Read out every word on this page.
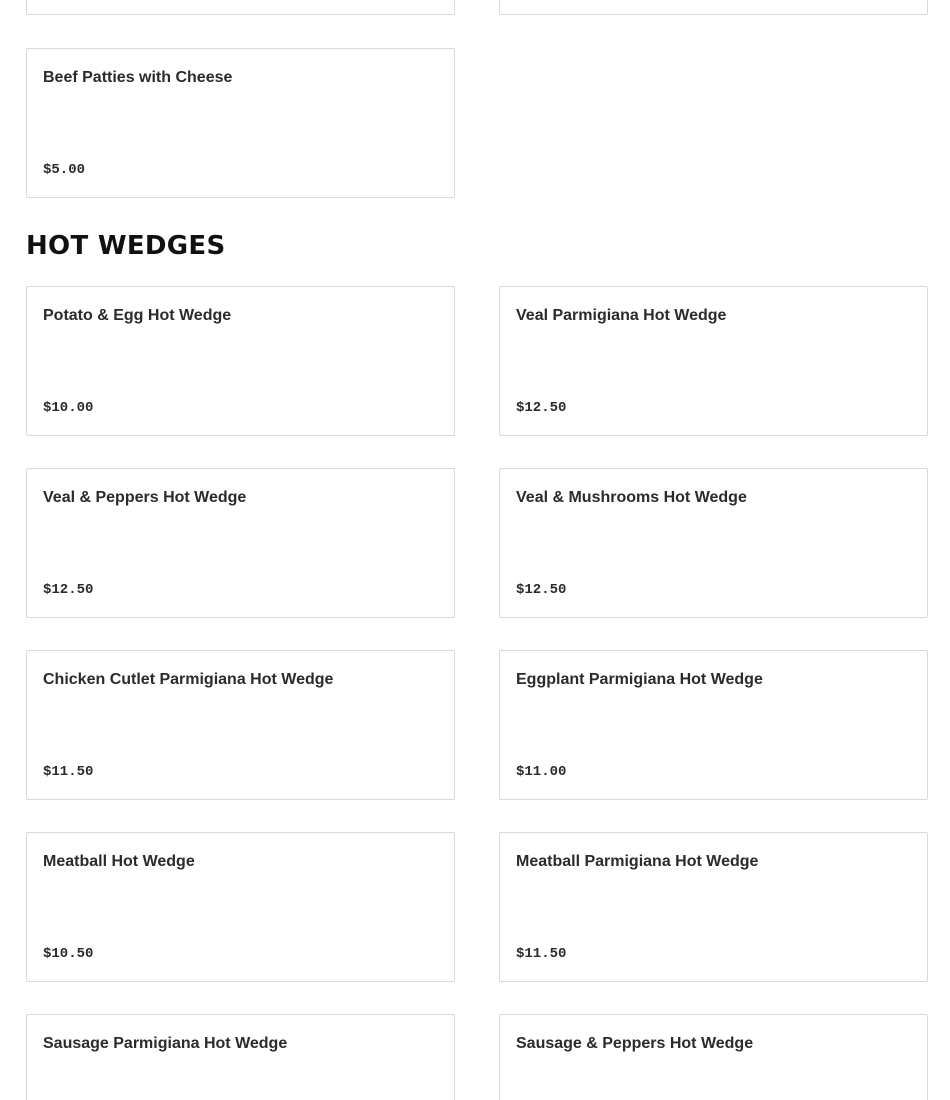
Beef Patties with Cheese
$5.00
HOT WEDGES
Potato & Egg Hot Wedge
$10.00
Veal Parmigiana Hot Wedge
$12.50
Veal & Peppers Hot Wedge
$12.50
Veal & Mushrooms Hot Wedge
$12.50
Chicken Cutlet Parmigiana Hot Wedge
$11.50
Eggplant Parmigiana Hot Wedge
$11.00
Meatball Hot Wedge
$10.50
Meatball Parmigiana Hot Wedge
$11.50
Sausage Parmigiana Hot Wedge	Sausage & Peppers Hot Wedge
